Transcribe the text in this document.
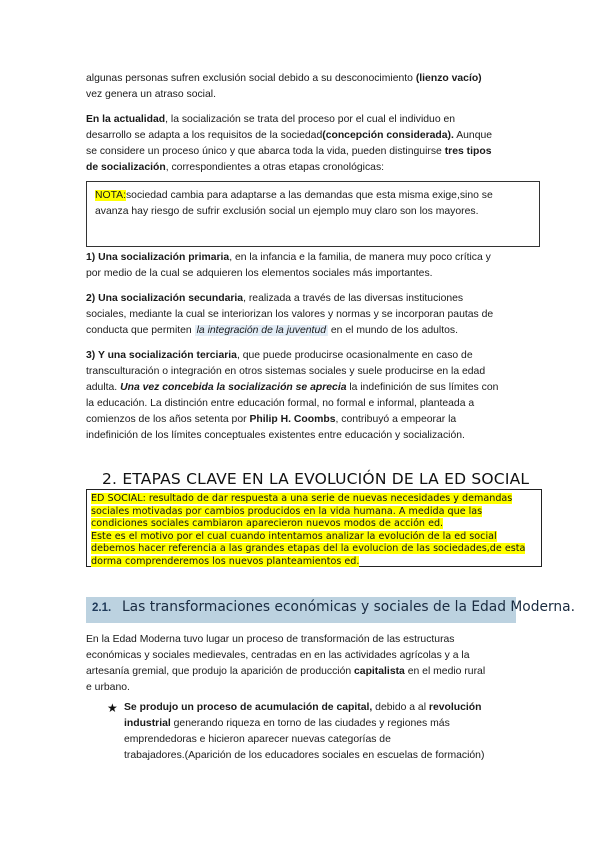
algunas personas sufren exclusión social debido a su desconocimiento (lienzo vacío)

vez genera un atraso social.

En la actualidad, la socialización se trata del proceso por el cual el individuo en

desarrollo se adapta a los requisitos de la sociedad(concepción considerada). Aunque

se considere un proceso único y que abarca toda la vida, pueden distinguirse tres tipos

de socialización, correspondientes a otras etapas cronológicas:

NOTA:sociedad cambia para adaptarse a las demandas que esta misma exige,sino se

avanza hay riesgo de sufrir exclusión social un ejemplo muy claro son los mayores.

1) Una socialización primaria, en la infancia e la familia, de manera muy poco crítica y

por medio de la cual se adquieren los elementos sociales más importantes.

2) Una socialización secundaria, realizada a través de las diversas instituciones

sociales, mediante la cual se interiorizan los valores y normas y se incorporan pautas de

conducta que permiten la integración de la juventud en el mundo de los adultos.

3) Y una socialización terciaria, que puede producirse ocasionalmente en caso de

transculturación o integración en otros sistemas sociales y suele producirse en la edad

adulta. Una vez concebida la socialización se aprecia la indefinición de sus límites con

la educación. La distinción entre educación formal, no formal e informal, planteada a

comienzos de los años setenta por Philip H. Coombs, contribuyó a empeorar la

indefinición de los límites conceptuales existentes entre educación y socialización.

2. ETAPAS CLAVE EN LA EVOLUCIÓN DE LA ED SOCIAL

ED SOCIAL: resultado de dar respuesta a una serie de nuevas necesidades y demandas

sociales motivadas por cambios producidos en la vida humana. A medida que las

condiciones sociales cambiaron aparecieron nuevos modos de acción ed.

Este es el motivo por el cual cuando intentamos analizar la evolución de la ed social

debemos hacer referencia a las grandes etapas del la evolucion de las sociedades,de esta

dorma comprenderemos los nuevos planteamientos ed.

2.1. Las transformaciones económicas y sociales de la Edad Moderna.

En la Edad Moderna tuvo lugar un proceso de transformación de las estructuras

económicas y sociales medievales, centradas en en las actividades agrícolas y a la

artesanía gremial, que produjo la aparición de producción capitalista en el medio rural

e urbano.

★ Se produjo un proceso de acumulación de capital, debido a al revolución

industrial generando riqueza en torno de las ciudades y regiones más

emprendedoras e hicieron aparecer nuevas categorías de

trabajadores.(Aparición de los educadores sociales en escuelas de formación)
